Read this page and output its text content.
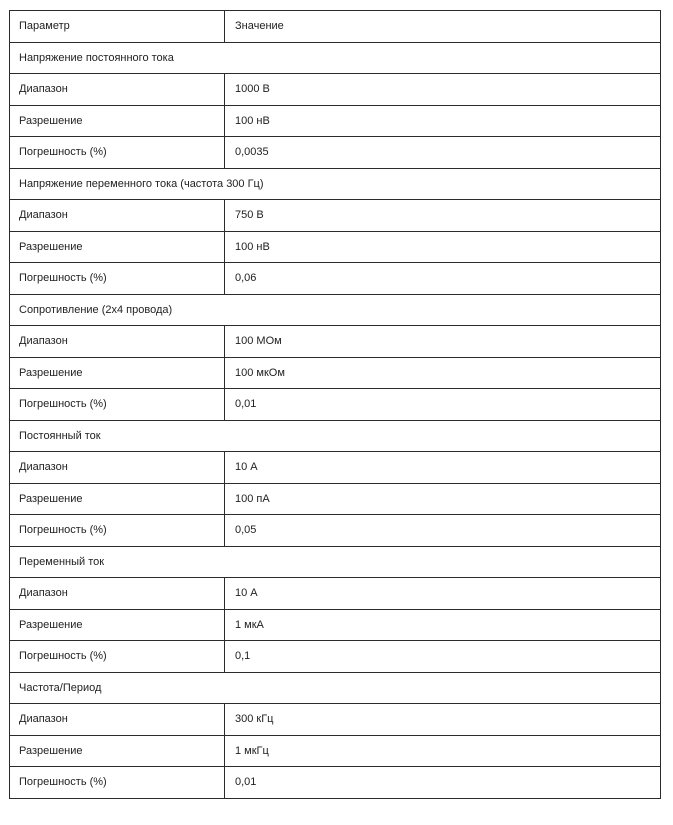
Параметр	Значение
Напряжение постоянного тока	
Диапазон	1000 В
Разрешение	100 нВ
Погрешность (%)	0,0035
Напряжение переменного тока (частота 300 Гц)	
Диапазон	750 В
Разрешение	100 нВ
Погрешность (%)	0,06
Сопротивление (2х4 провода)	
Диапазон	100 МОм
Разрешение	100 мкОм
Погрешность (%)	0,01
Постоянный ток	
Диапазон	10 А
Разрешение	100 пА
Погрешность (%)	0,05
Переменный ток	
Диапазон	10 А
Разрешение	1 мкА
Погрешность (%)	0,1
Частота/Период	
Диапазон	300 кГц
Разрешение	1 мкГц
Погрешность (%)	0,01
